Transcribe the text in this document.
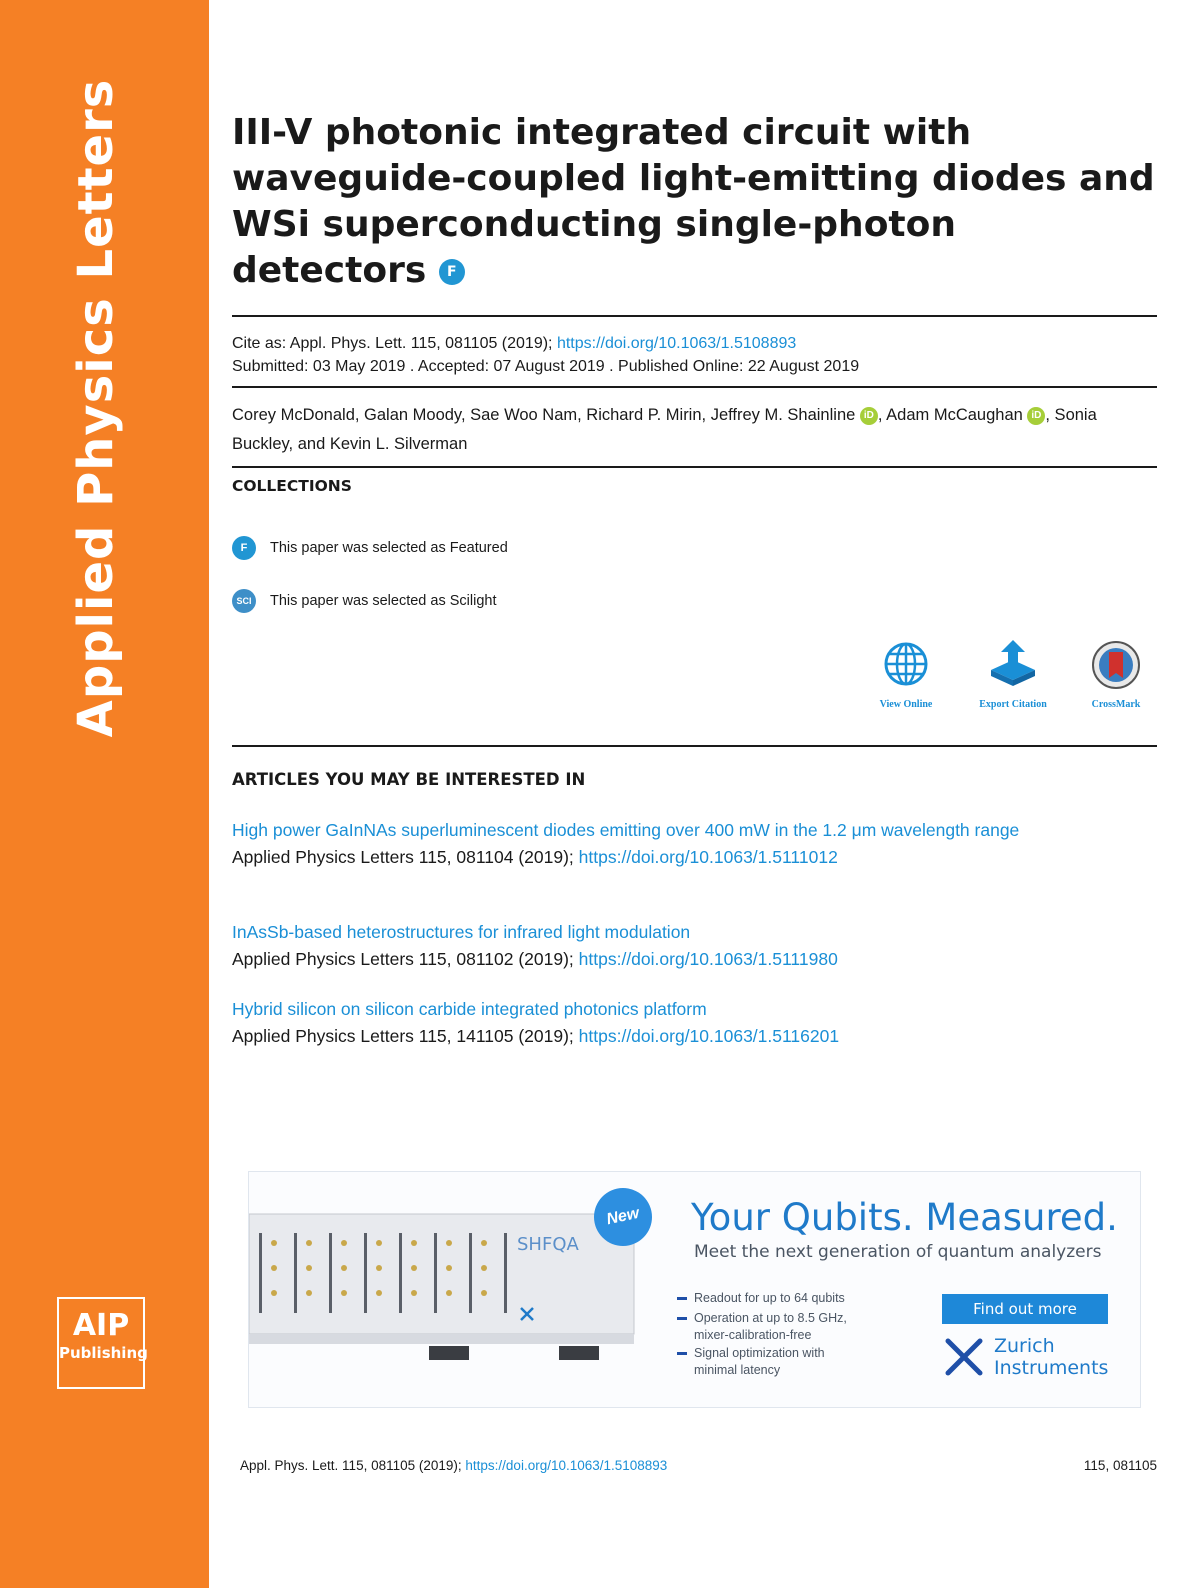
Applied Physics Letters
AIP
Publishing
III-V photonic integrated circuit with waveguide-coupled light-emitting diodes and WSi superconducting single-photon detectors F
Cite as: Appl. Phys. Lett. 115, 081105 (2019); https://doi.org/10.1063/1.5108893
Submitted: 03 May 2019 . Accepted: 07 August 2019 . Published Online: 22 August 2019
Corey McDonald, Galan Moody, Sae Woo Nam, Richard P. Mirin, Jeffrey M. Shainline iD , Adam McCaughan iD , Sonia Buckley, and Kevin L. Silverman
COLLECTIONS
F	This paper was selected as Featured
SCI	This paper was selected as Scilight
View Online	Export Citation	CrossMark
ARTICLES YOU MAY BE INTERESTED IN
High power GaInNAs superluminescent diodes emitting over 400 mW in the 1.2 μm wavelength range
Applied Physics Letters 115, 081104 (2019); https://doi.org/10.1063/1.5111012
InAsSb-based heterostructures for infrared light modulation
Applied Physics Letters 115, 081102 (2019); https://doi.org/10.1063/1.5111980
Hybrid silicon on silicon carbide integrated photonics platform
Applied Physics Letters 115, 141105 (2019); https://doi.org/10.1063/1.5116201
SHFQA
New	Your Qubits. Measured.
Meet the next generation of quantum analyzers
Readout for up to 64 qubits
Operation at up to 8.5 GHz, mixer-calibration-free
Signal optimization with minimal latency
Find out more
Zurich
Instruments
Appl. Phys. Lett. 115, 081105 (2019); https://doi.org/10.1063/1.5108893	115, 081105
